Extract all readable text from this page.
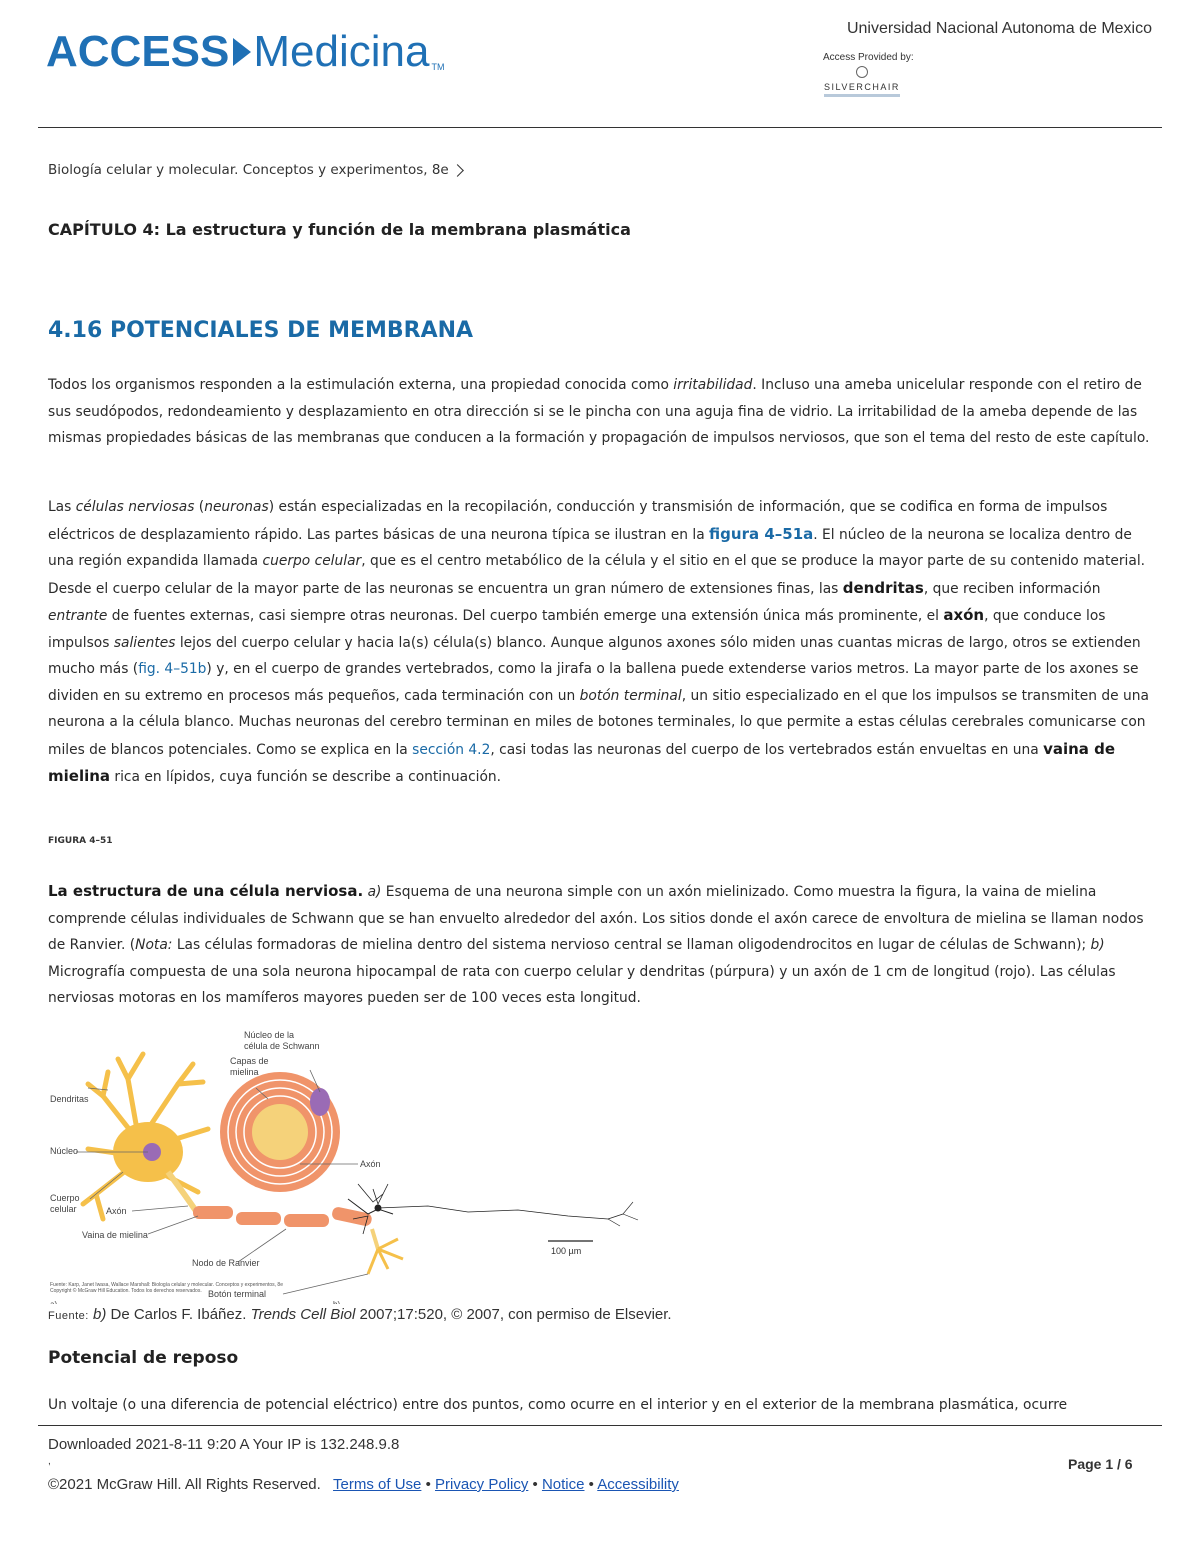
ACCESS Medicina TM
Universidad Nacional Autonoma de Mexico
Access Provided by:
SILVERCHAIR
Biología celular y molecular. Conceptos y experimentos, 8e
CAPÍTULO 4: La estructura y función de la membrana plasmática
4.16 POTENCIALES DE MEMBRANA

Todos los organismos responden a la estimulación externa, una propiedad conocida como irritabilidad. Incluso una ameba unicelular responde con el retiro de sus seudópodos, redondeamiento y desplazamiento en otra dirección si se le pincha con una aguja fina de vidrio. La irritabilidad de la ameba depende de las mismas propiedades básicas de las membranas que conducen a la formación y propagación de impulsos nerviosos, que son el tema del resto de este capítulo.

Las células nerviosas (neuronas) están especializadas en la recopilación, conducción y transmisión de información, que se codifica en forma de impulsos eléctricos de desplazamiento rápido. Las partes básicas de una neurona típica se ilustran en la figura 4–51a. El núcleo de la neurona se localiza dentro de una región expandida llamada cuerpo celular, que es el centro metabólico de la célula y el sitio en el que se produce la mayor parte de su contenido material. Desde el cuerpo celular de la mayor parte de las neuronas se encuentra un gran número de extensiones finas, las dendritas, que reciben información entrante de fuentes externas, casi siempre otras neuronas. Del cuerpo también emerge una extensión única más prominente, el axón, que conduce los impulsos salientes lejos del cuerpo celular y hacia la(s) célula(s) blanco. Aunque algunos axones sólo miden unas cuantas micras de largo, otros se extienden mucho más (fig. 4–51b) y, en el cuerpo de grandes vertebrados, como la jirafa o la ballena puede extenderse varios metros. La mayor parte de los axones se dividen en su extremo en procesos más pequeños, cada terminación con un botón terminal, un sitio especializado en el que los impulsos se transmiten de una neurona a la célula blanco. Muchas neuronas del cerebro terminan en miles de botones terminales, lo que permite a estas células cerebrales comunicarse con miles de blancos potenciales. Como se explica en la sección 4.2, casi todas las neuronas del cuerpo de los vertebrados están envueltas en una vaina de mielina rica en lípidos, cuya función se describe a continuación.

FIGURA 4–51

La estructura de una célula nerviosa. a) Esquema de una neurona simple con un axón mielinizado. Como muestra la figura, la vaina de mielina comprende células individuales de Schwann que se han envuelto alrededor del axón. Los sitios donde el axón carece de envoltura de mielina se llaman nodos de Ranvier. (Nota: Las células formadoras de mielina dentro del sistema nervioso central se llaman oligodendrocitos en lugar de células de Schwann); b) Micrografía compuesta de una sola neurona hipocampal de rata con cuerpo celular y dendritas (púrpura) y un axón de 1 cm de longitud (rojo). Las células nerviosas motoras en los mamíferos mayores pueden ser de 100 veces esta longitud.

Dendritas
Núcleo
Cuerpo
celular	Axón
Vaina de mielina
Nodo de Ranvier
Botón terminal
Núcleo de la
célula de Schwann
Capas de
mielina
Axón
100 µm
Fuente: Karp, Janet Iwasa, Wallace Marshall: Biología celular y molecular. Conceptos y experimentos, 8e
Copyright © McGraw Hill Education. Todos los derechos reservados.
Fuente: b) De Carlos F. Ibáñez. Trends Cell Biol 2007;17:520, © 2007, con permiso de Elsevier.
Potencial de reposo

Un voltaje (o una diferencia de potencial eléctrico) entre dos puntos, como ocurre en el interior y en el exterior de la membrana plasmática, ocurre

Downloaded 2021-8-11 9:20 A Your IP is 132.248.9.8
,
©2021 McGraw Hill. All Rights Reserved. Terms of Use • Privacy Policy • Notice • Accessibility
Page 1 / 6
